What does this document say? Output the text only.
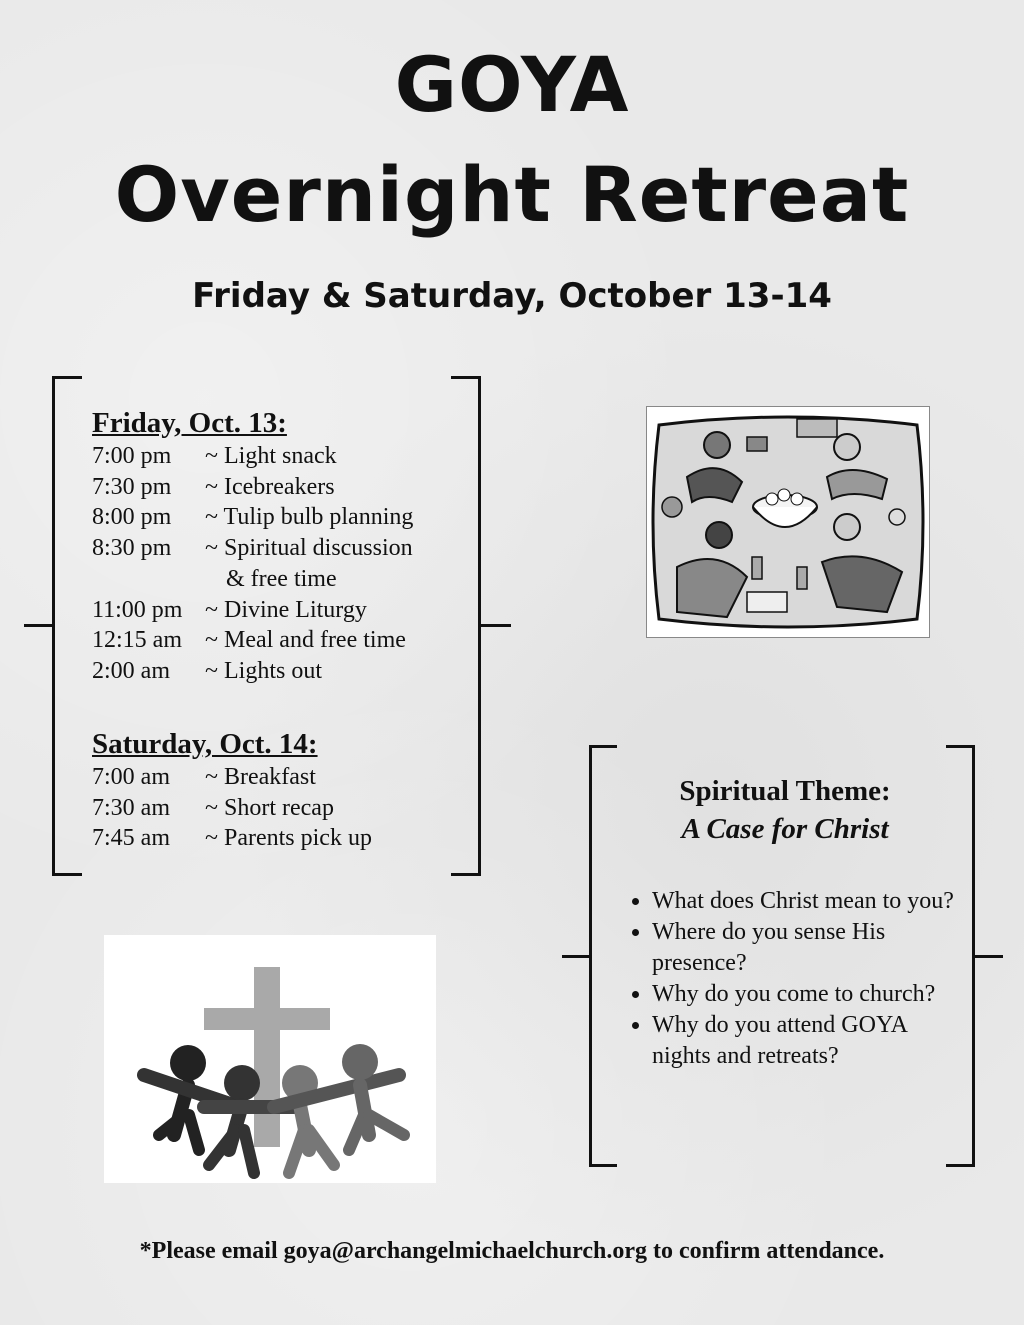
GOYA
Overnight Retreat
Friday & Saturday, October 13-14
Friday, Oct. 13:
7:00 pm	~ Light snack
7:30 pm	~ Icebreakers
8:00 pm	~ Tulip bulb planning
8:30 pm	~ Spiritual discussion
& free time
11:00 pm ~ Divine Liturgy
12:15 am ~ Meal and free time
2:00 am	~ Lights out
Saturday, Oct. 14:
7:00 am	~ Breakfast
7:30 am	~ Short recap
7:45 am	~ Parents pick up
Spiritual Theme:
A Case for Christ
• What does Christ mean to you?
• Where do you sense His presence?
• Why do you come to church?
• Why do you attend GOYA nights and retreats?

*Please email goya@archangelmichaelchurch.org to confirm attendance.
